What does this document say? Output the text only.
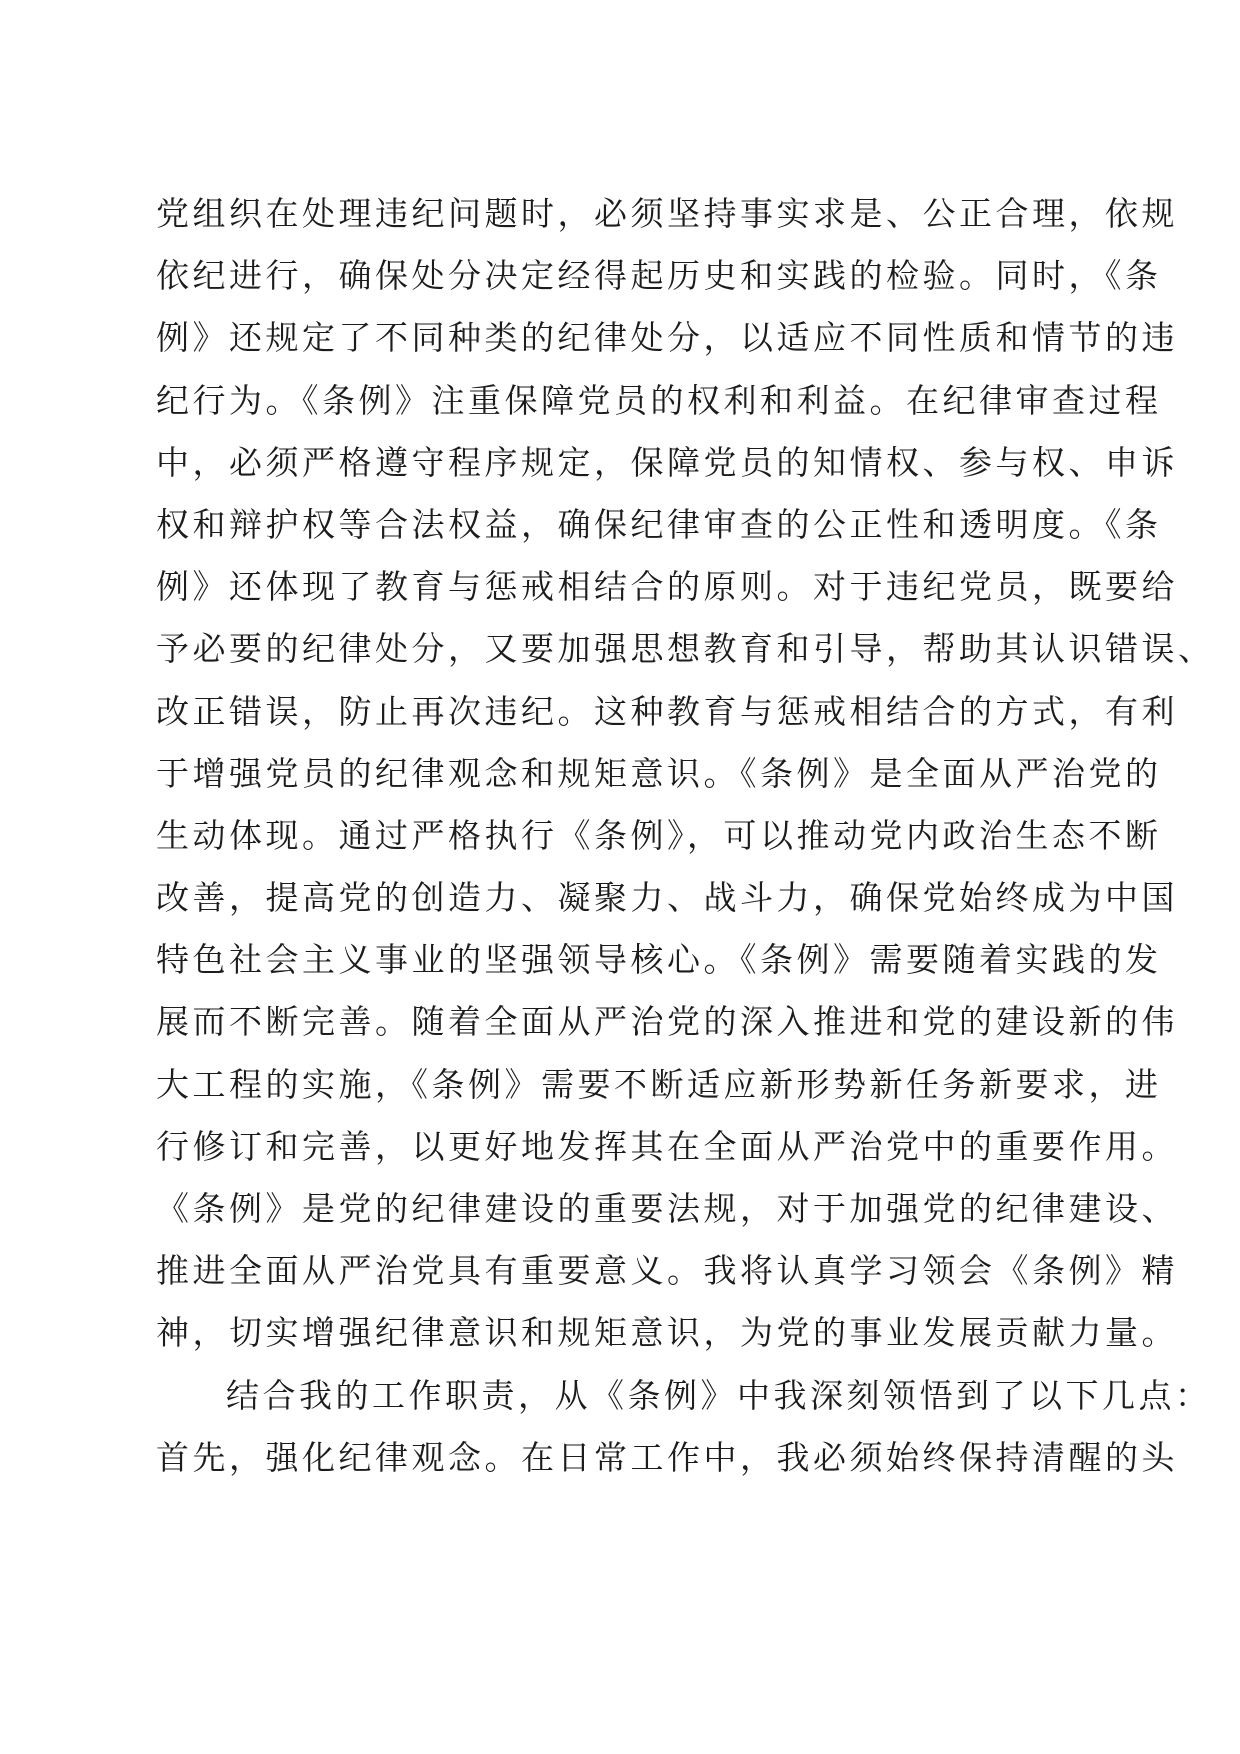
党组织在处理违纪问题时，必须坚持事实求是、公正合理，依规
依纪进行，确保处分决定经得起历史和实践的检验。同时，《条
例》还规定了不同种类的纪律处分，以适应不同性质和情节的违
纪行为。《条例》注重保障党员的权利和利益。在纪律审查过程
中，必须严格遵守程序规定，保障党员的知情权、参与权、申诉
权和辩护权等合法权益，确保纪律审查的公正性和透明度。《条
例》还体现了教育与惩戒相结合的原则。对于违纪党员，既要给
予必要的纪律处分，又要加强思想教育和引导，帮助其认识错误、
改正错误，防止再次违纪。这种教育与惩戒相结合的方式，有利
于增强党员的纪律观念和规矩意识。《条例》是全面从严治党的
生动体现。通过严格执行《条例》，可以推动党内政治生态不断
改善，提高党的创造力、凝聚力、战斗力，确保党始终成为中国
特色社会主义事业的坚强领导核心。《条例》需要随着实践的发
展而不断完善。随着全面从严治党的深入推进和党的建设新的伟
大工程的实施，《条例》需要不断适应新形势新任务新要求，进
行修订和完善，以更好地发挥其在全面从严治党中的重要作用。
《条例》是党的纪律建设的重要法规，对于加强党的纪律建设、
推进全面从严治党具有重要意义。我将认真学习领会《条例》精
神，切实增强纪律意识和规矩意识，为党的事业发展贡献力量。
结合我的工作职责，从《条例》中我深刻领悟到了以下几点：
首先，强化纪律观念。在日常工作中，我必须始终保持清醒的头
